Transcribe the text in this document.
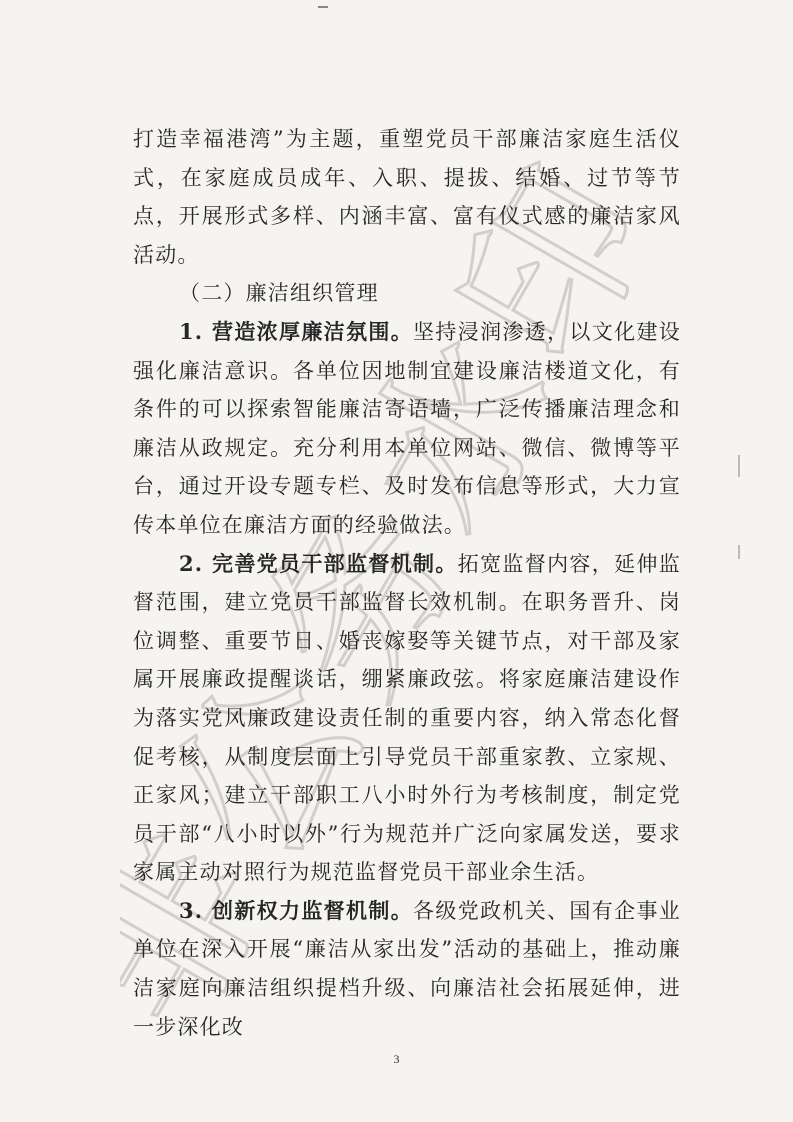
非公务水印

打造幸福港湾”为主题，重塑党员干部廉洁家庭生活仪式，在家庭成员成年、入职、提拔、结婚、过节等节点，开展形式多样、内涵丰富、富有仪式感的廉洁家风活动。

（二）廉洁组织管理

1. 营造浓厚廉洁氛围。坚持浸润渗透，以文化建设强化廉洁意识。各单位因地制宜建设廉洁楼道文化，有条件的可以探索智能廉洁寄语墙，广泛传播廉洁理念和廉洁从政规定。充分利用本单位网站、微信、微博等平台，通过开设专题专栏、及时发布信息等形式，大力宣传本单位在廉洁方面的经验做法。

2. 完善党员干部监督机制。拓宽监督内容，延伸监督范围，建立党员干部监督长效机制。在职务晋升、岗位调整、重要节日、婚丧嫁娶等关键节点，对干部及家属开展廉政提醒谈话，绷紧廉政弦。将家庭廉洁建设作为落实党风廉政建设责任制的重要内容，纳入常态化督促考核，从制度层面上引导党员干部重家教、立家规、正家风；建立干部职工八小时外行为考核制度，制定党员干部“八小时以外”行为规范并广泛向家属发送，要求家属主动对照行为规范监督党员干部业余生活。

3. 创新权力监督机制。各级党政机关、国有企事业单位在深入开展“廉洁从家出发”活动的基础上，推动廉洁家庭向廉洁组织提档升级、向廉洁社会拓展延伸，进一步深化改

3
